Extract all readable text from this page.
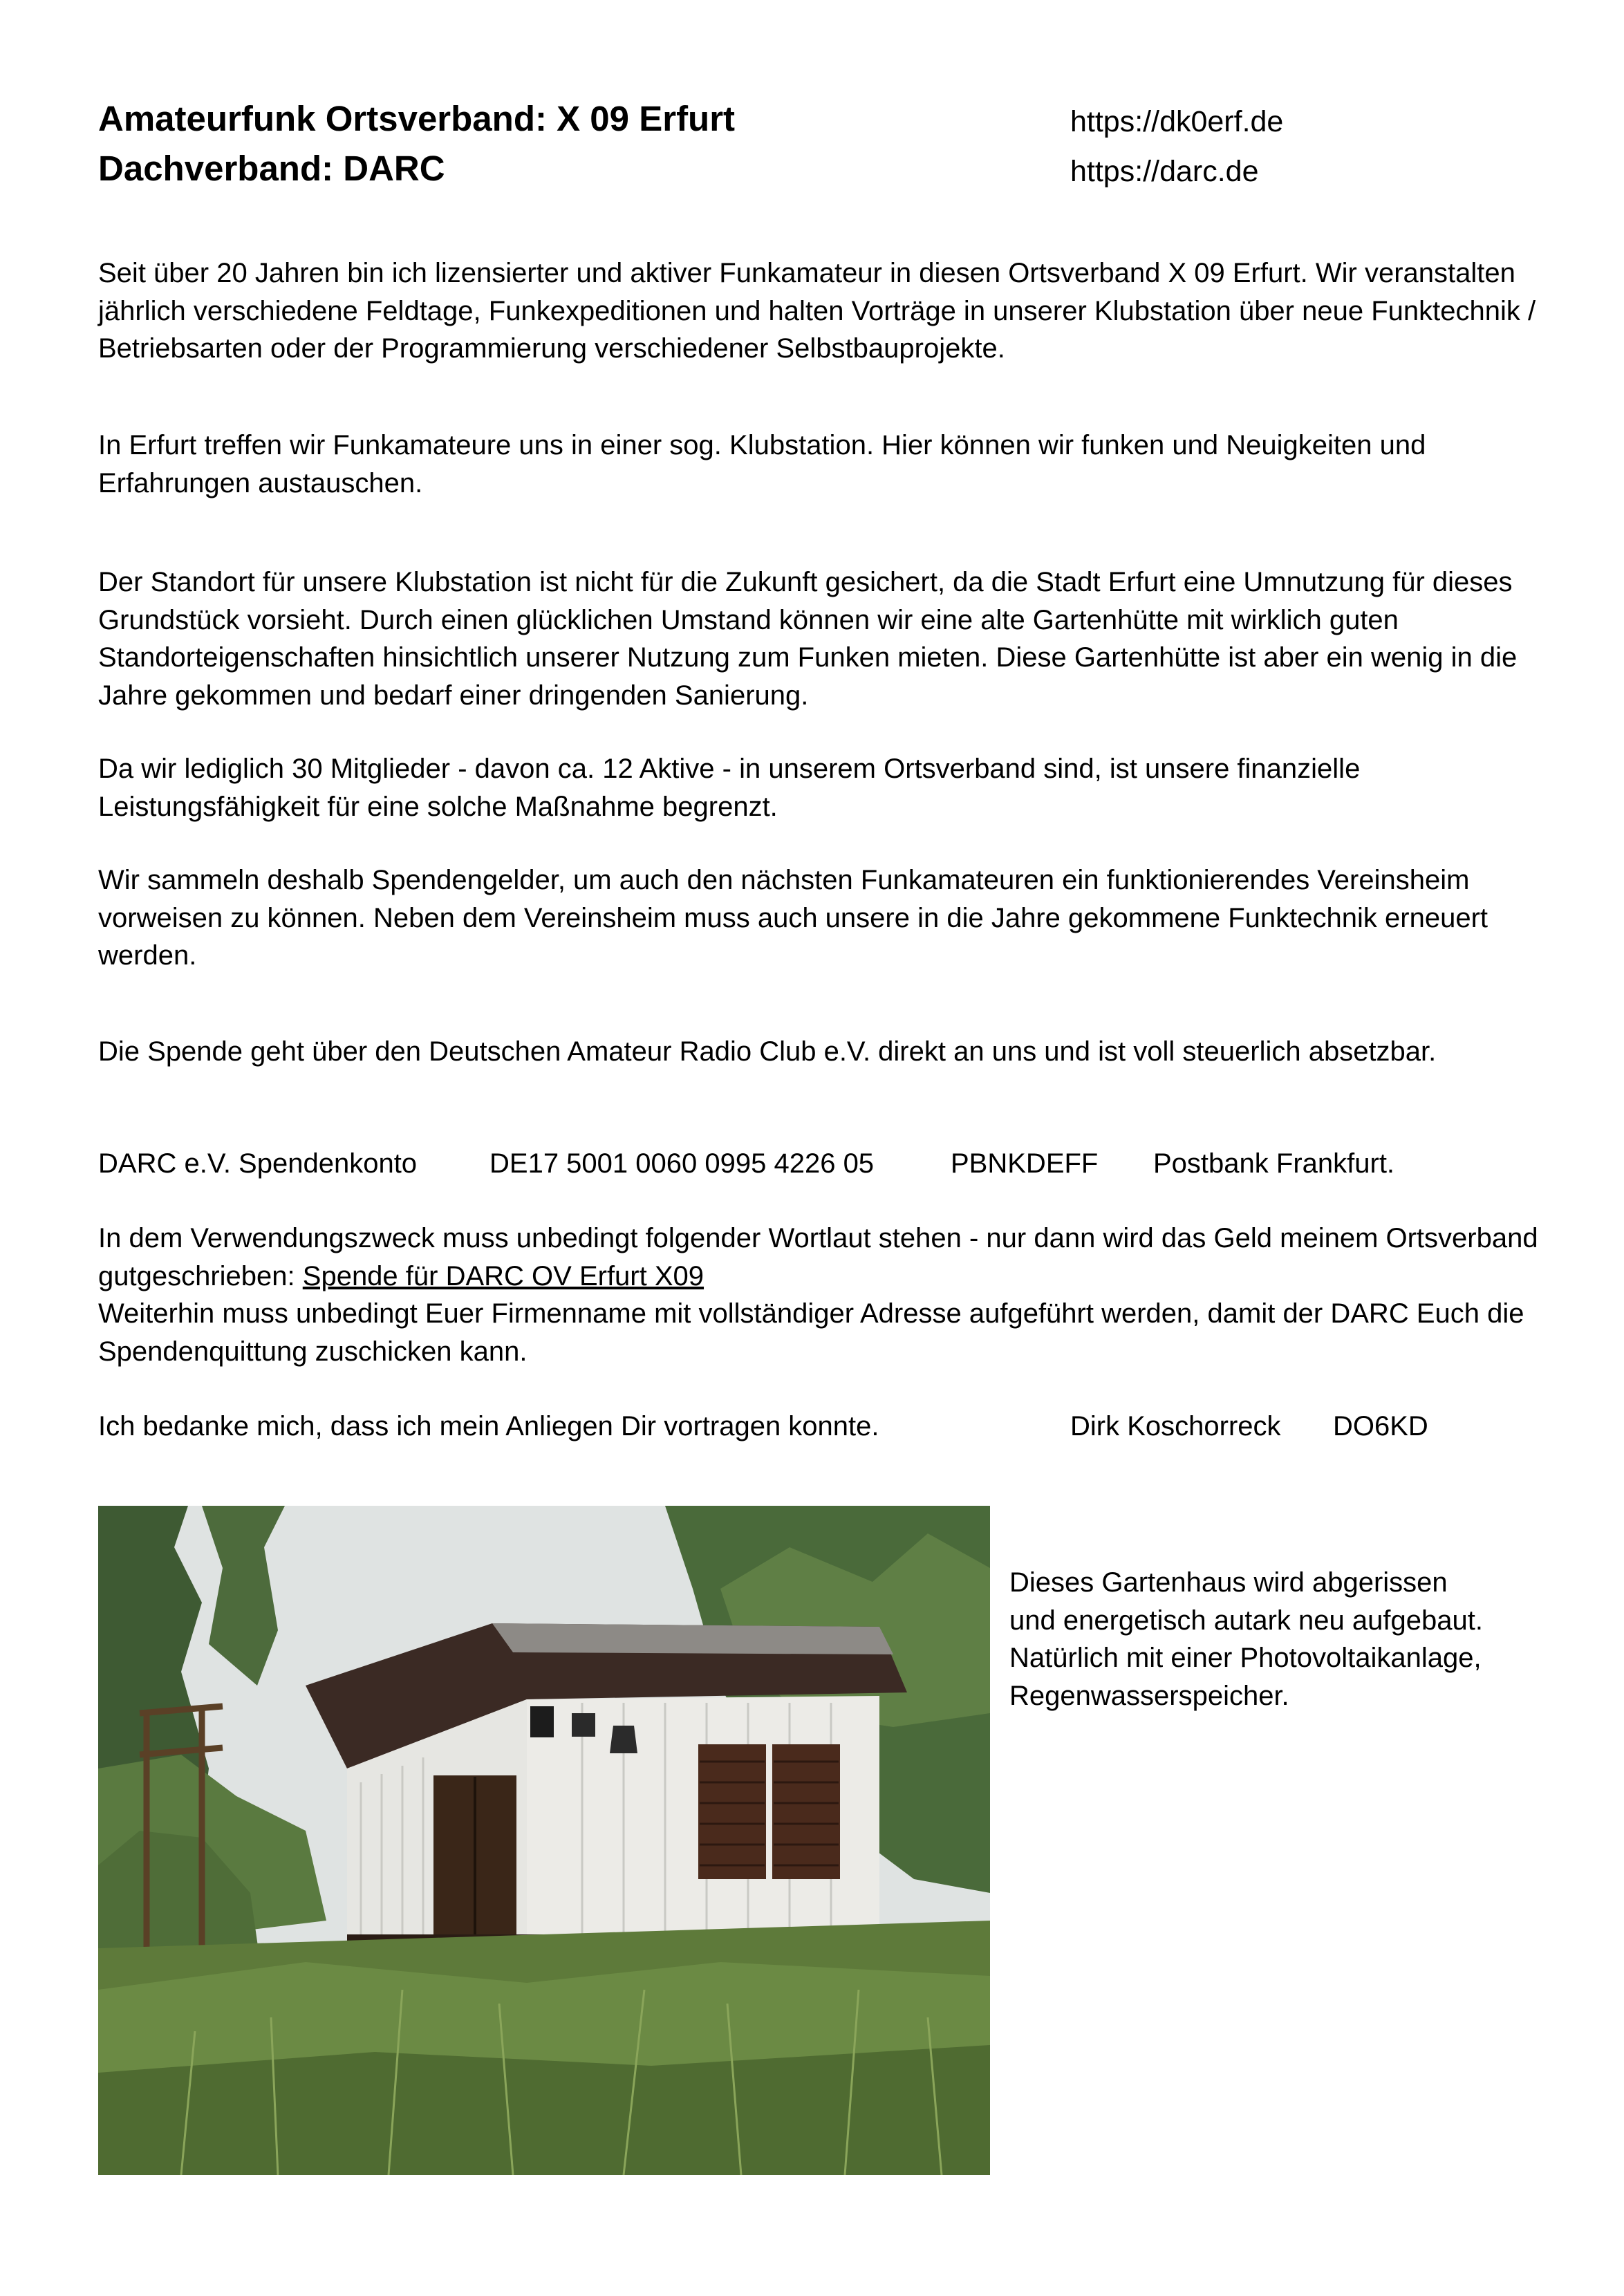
Amateurfunk Ortsverband: X 09 Erfurt
Dachverband: DARC
https://dk0erf.de
https://darc.de

Seit über 20 Jahren bin ich lizensierter und aktiver Funkamateur in diesen Ortsverband X 09 Erfurt. Wir veranstalten jährlich verschiedene Feldtage, Funkexpeditionen und halten Vorträge in unserer Klubstation über neue Funktechnik / Betriebsarten oder der Programmierung verschiedener Selbstbauprojekte.

In Erfurt treffen wir Funkamateure uns in einer sog. Klubstation. Hier können wir funken und Neuigkeiten und Erfahrungen austauschen.

Der Standort für unsere Klubstation ist nicht für die Zukunft gesichert, da die Stadt Erfurt eine Umnutzung für dieses Grundstück vorsieht. Durch einen glücklichen Umstand können wir eine alte Gartenhütte mit wirklich guten Standorteigenschaften hinsichtlich unserer Nutzung zum Funken mieten. Diese Gartenhütte ist aber ein wenig in die Jahre gekommen und bedarf einer dringenden Sanierung.

Da wir lediglich 30 Mitglieder - davon ca. 12 Aktive - in unserem Ortsverband sind, ist unsere finanzielle Leistungsfähigkeit für eine solche Maßnahme begrenzt.

Wir sammeln deshalb Spendengelder, um auch den nächsten Funkamateuren ein funktionierendes Vereinsheim vorweisen zu können. Neben dem Vereinsheim muss auch unsere in die Jahre gekommene Funktechnik erneuert werden.

Die Spende geht über den Deutschen Amateur Radio Club e.V. direkt an uns und ist voll steuerlich absetzbar.

DARC e.V. Spendenkonto	DE17 5001 0060 0995 4226 05	PBNKDEFF Postbank Frankfurt.

In dem Verwendungszweck muss unbedingt folgender Wortlaut stehen - nur dann wird das Geld meinem Ortsverband gutgeschrieben: Spende für DARC OV Erfurt X09
Weiterhin muss unbedingt Euer Firmenname mit vollständiger Adresse aufgeführt werden, damit der DARC Euch die Spendenquittung zuschicken kann.

Ich bedanke mich, dass ich mein Anliegen Dir vortragen konnte.	Dirk Koschorreck DO6KD
Dieses Gartenhaus wird abgerissen
und energetisch autark neu aufgebaut.
Natürlich mit einer Photovoltaikanlage,
Regenwasserspeicher.
